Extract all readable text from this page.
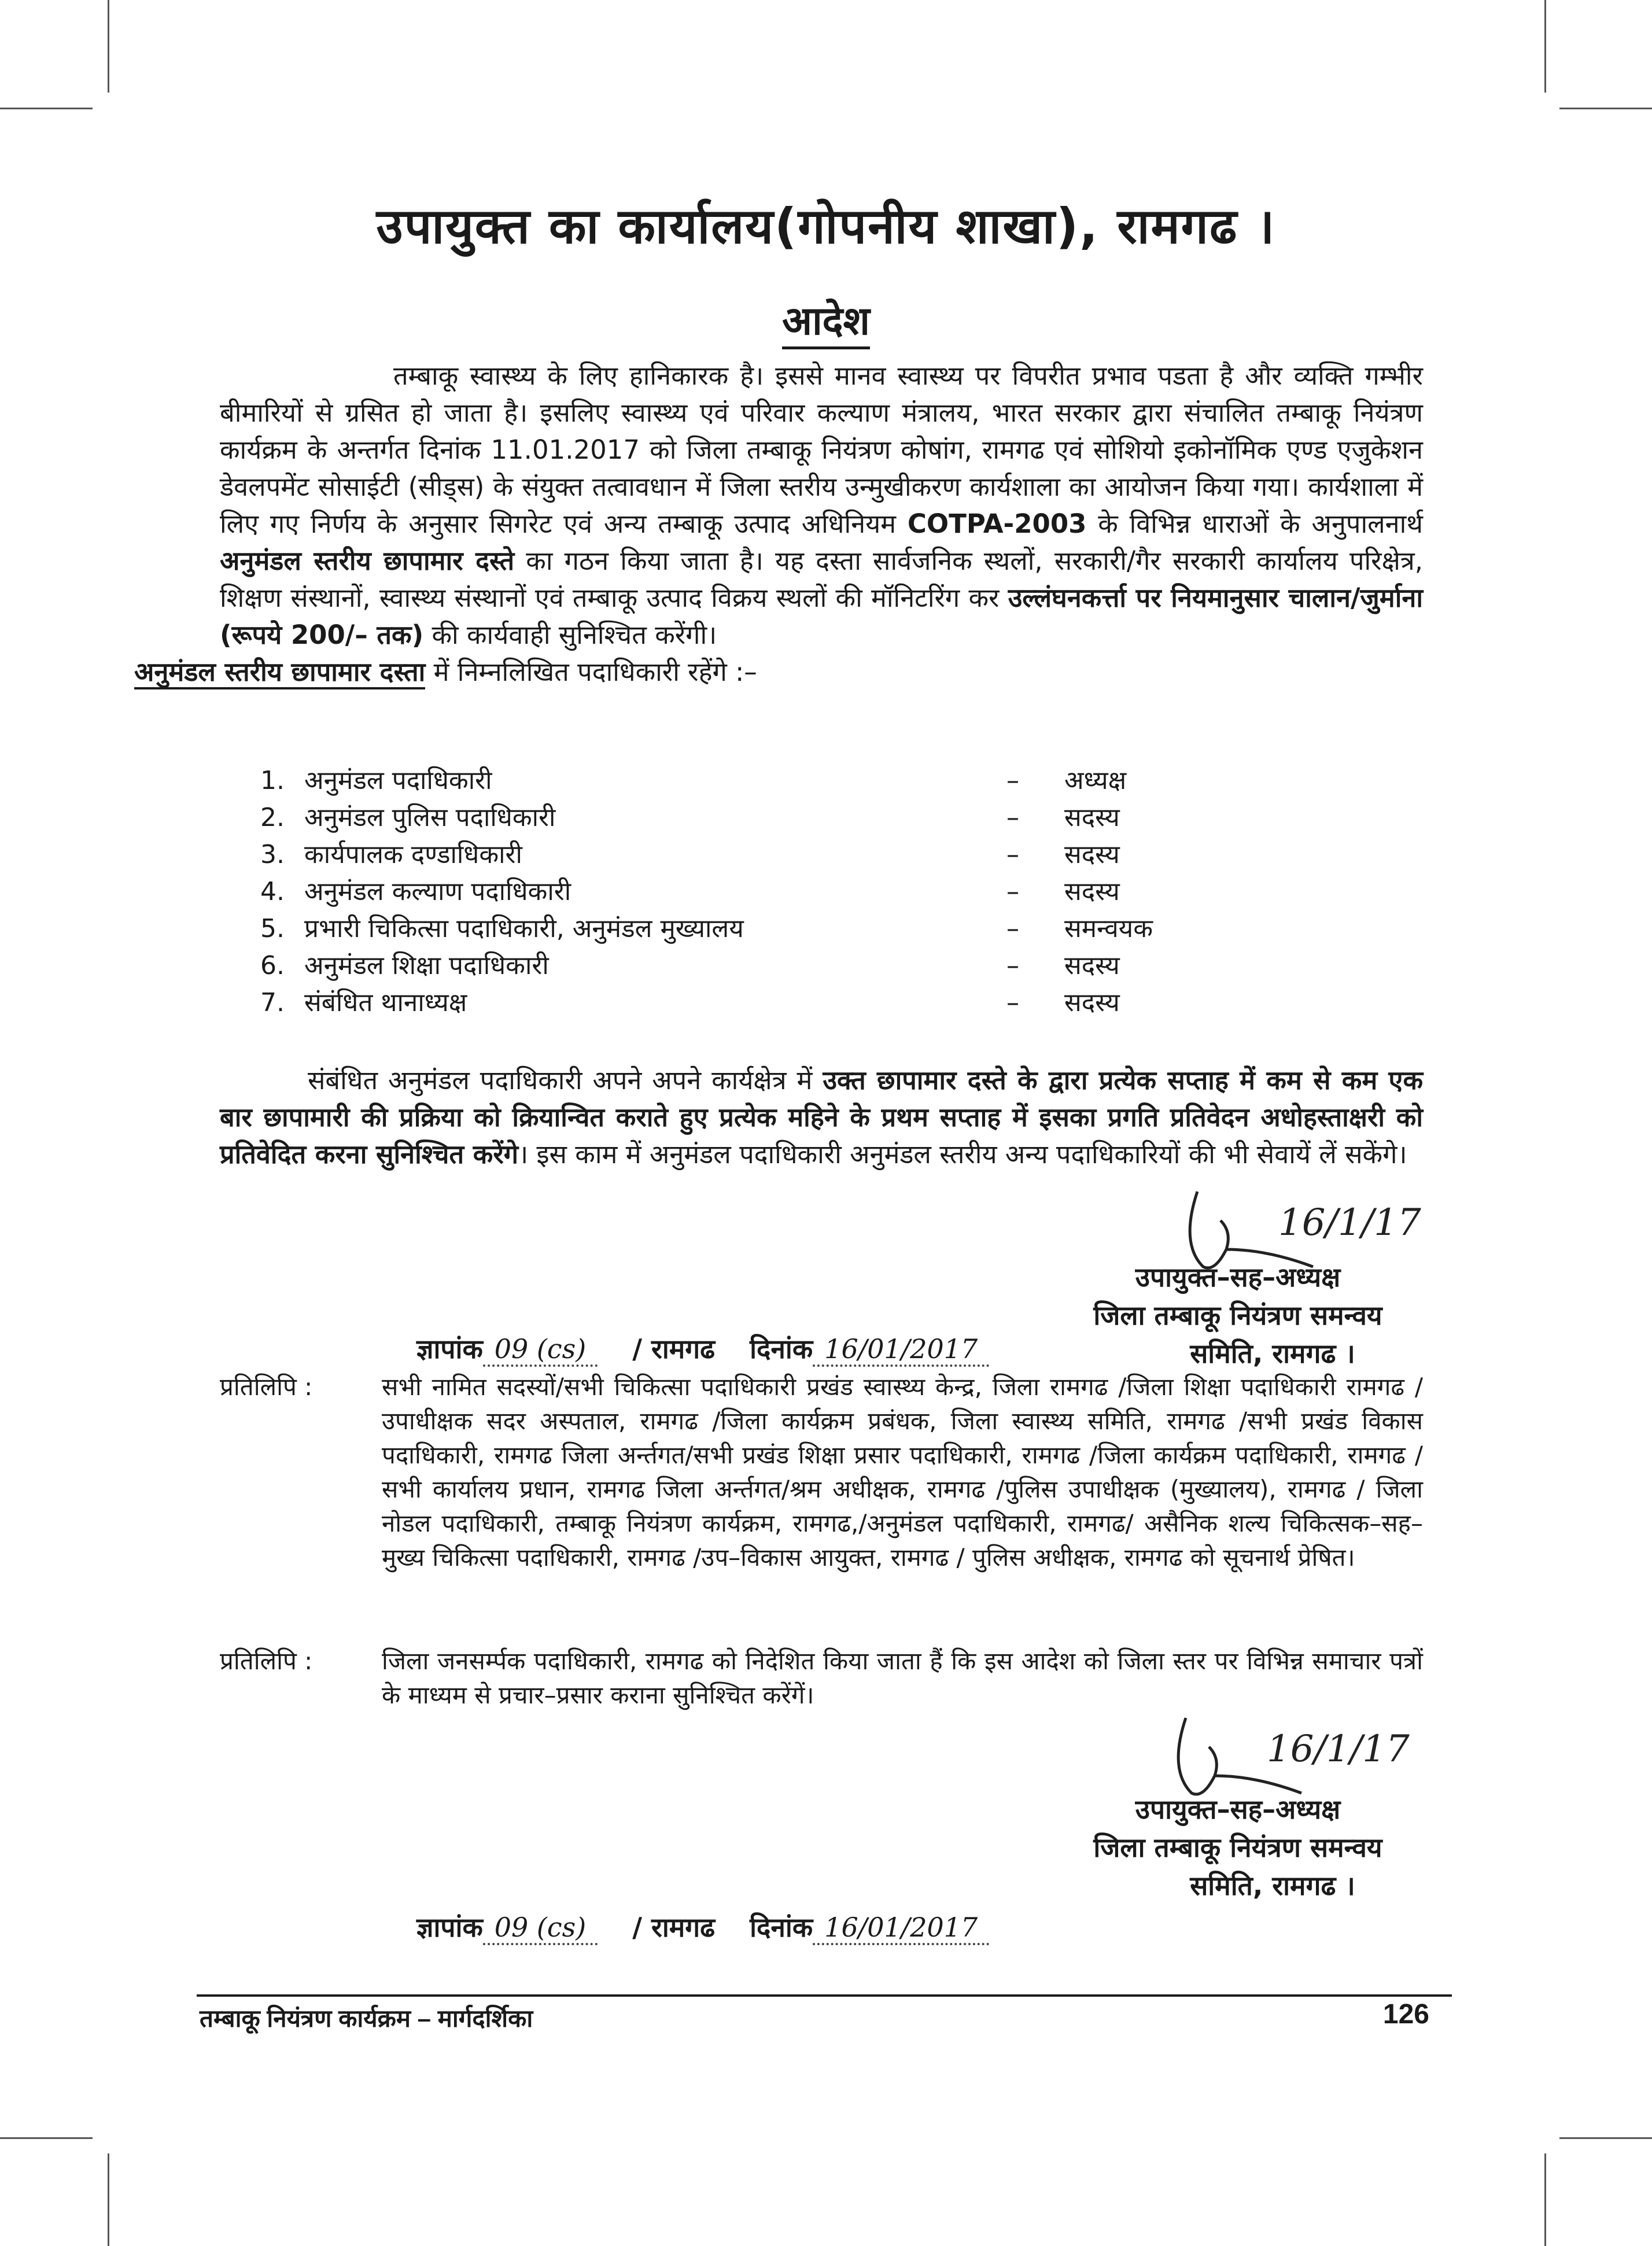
उपायुक्त का कार्यालय(गोपनीय शाखा), रामगढ ।
आदेश
तम्बाकू स्वास्थ्य के लिए हानिकारक है। इससे मानव स्वास्थ्य पर विपरीत प्रभाव पडता है और व्यक्ति गम्भीर बीमारियों से ग्रसित हो जाता है। इसलिए स्वास्थ्य एवं परिवार कल्याण मंत्रालय, भारत सरकार द्वारा संचालित तम्बाकू नियंत्रण कार्यक्रम के अन्तर्गत दिनांक 11.01.2017 को जिला तम्बाकू नियंत्रण कोषांग, रामगढ एवं सोशियो इकोनॉमिक एण्ड एजुकेशन डेवलपमेंट सोसाईटी (सीड्स) के संयुक्त तत्वावधान में जिला स्तरीय उन्मुखीकरण कार्यशाला का आयोजन किया गया। कार्यशाला में लिए गए निर्णय के अनुसार सिगरेट एवं अन्य तम्बाकू उत्पाद अधिनियम COTPA-2003 के विभिन्न धाराओं के अनुपालनार्थ अनुमंडल स्तरीय छापामार दस्ते का गठन किया जाता है। यह दस्ता सार्वजनिक स्थलों, सरकारी/गैर सरकारी कार्यालय परिक्षेत्र, शिक्षण संस्थानों, स्वास्थ्य संस्थानों एवं तम्बाकू उत्पाद विक्रय स्थलों की मॉनिटरिंग कर उल्लंघनकर्त्ता पर नियमानुसार चालान/जुर्माना (रूपये 200/– तक) की कार्यवाही सुनिश्चित करेंगी।
अनुमंडल स्तरीय छापामार दस्ता में निम्नलिखित पदाधिकारी रहेंगे :–
1. अनुमंडल पदाधिकारी	– अध्यक्ष
2. अनुमंडल पुलिस पदाधिकारी	– सदस्य
3. कार्यपालक दण्डाधिकारी	– सदस्य
4. अनुमंडल कल्याण पदाधिकारी	– सदस्य
5. प्रभारी चिकित्सा पदाधिकारी, अनुमंडल मुख्यालय	– समन्वयक
6. अनुमंडल शिक्षा पदाधिकारी	– सदस्य
7. संबंधित थानाध्यक्ष	– सदस्य
संबंधित अनुमंडल पदाधिकारी अपने अपने कार्यक्षेत्र में उक्त छापामार दस्ते के द्वारा प्रत्येक सप्ताह में कम से कम एक बार छापामारी की प्रक्रिया को क्रियान्वित कराते हुए प्रत्येक महिने के प्रथम सप्ताह में इसका प्रगति प्रतिवेदन अधोहस्ताक्षरी को प्रतिवेदित करना सुनिश्चित करेंगे। इस काम में अनुमंडल पदाधिकारी अनुमंडल स्तरीय अन्य पदाधिकारियों की भी सेवायें लें सकेंगे।
16/1/17
उपायुक्त–सह–अध्यक्ष
जिला तम्बाकू नियंत्रण समन्वय
समिति, रामगढ ।
ज्ञापांक 09 (cs) / रामगढ दिनांक 16/01/2017
प्रतिलिपि :	सभी नामित सदस्यों/सभी चिकित्सा पदाधिकारी प्रखंड स्वास्थ्य केन्द्र, जिला रामगढ /जिला शिक्षा पदाधिकारी रामगढ /उपाधीक्षक सदर अस्पताल, रामगढ /जिला कार्यक्रम प्रबंधक, जिला स्वास्थ्य समिति, रामगढ /सभी प्रखंड विकास पदाधिकारी, रामगढ जिला अर्न्तगत/सभी प्रखंड शिक्षा प्रसार पदाधिकारी, रामगढ /जिला कार्यक्रम पदाधिकारी, रामगढ / सभी कार्यालय प्रधान, रामगढ जिला अर्न्तगत/श्रम अधीक्षक, रामगढ /पुलिस उपाधीक्षक (मुख्यालय), रामगढ / जिला नोडल पदाधिकारी, तम्बाकू नियंत्रण कार्यक्रम, रामगढ,/अनुमंडल पदाधिकारी, रामगढ/ असैनिक शल्य चिकित्सक–सह–मुख्य चिकित्सा पदाधिकारी, रामगढ /उप–विकास आयुक्त, रामगढ / पुलिस अधीक्षक, रामगढ को सूचनार्थ प्रेषित।
प्रतिलिपि :	जिला जनसर्म्पक पदाधिकारी, रामगढ को निदेशित किया जाता हैं कि इस आदेश को जिला स्तर पर विभिन्न समाचार पत्रों के माध्यम से प्रचार–प्रसार कराना सुनिश्चित करेंगें।
16/1/17
उपायुक्त–सह–अध्यक्ष
जिला तम्बाकू नियंत्रण समन्वय
समिति, रामगढ ।
ज्ञापांक 09 (cs) / रामगढ दिनांक 16/01/2017
तम्बाकू नियंत्रण कार्यक्रम – मार्गदर्शिका	126
